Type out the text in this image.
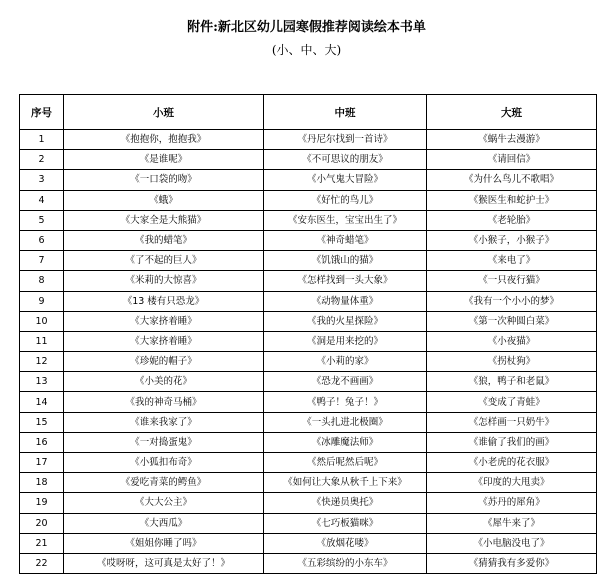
附件:新北区幼儿园寒假推荐阅读绘本书单
(小、中、大)
序号	小班	中班	大班
1	《抱抱你，抱抱我》	《丹尼尔找到一首诗》	《蜗牛去漫游》
2	《是谁呢》	《不可思议的朋友》	《请回信》
3	《一口袋的吻》	《小气鬼大冒险》	《为什么鸟儿不歌唱》
4	《蛾》	《好忙的鸟儿》	《猴医生和蛇护士》
5	《大家全是大熊猫》	《安东医生，宝宝出生了》	《老轮胎》
6	《我的蜡笔》	《神奇蜡笔》	《小猴子，小猴子》
7	《了不起的巨人》	《饥饿山的猫》	《来电了》
8	《米莉的大惊喜》	《怎样找到一头大象》	《一只夜行猫》
9	《13 楼有只恐龙》	《动物量体重》	《我有一个小小的梦》
10	《大家挤着睡》	《我的火星探险》	《第一次种圆白菜》
11	《大家挤着睡》	《洞是用来挖的》	《小夜猫》
12	《珍妮的帽子》	《小莉的家》	《拐杖狗》
13	《小美的花》	《恐龙不画画》	《狼，鸭子和老鼠》
14	《我的神奇马桶》	《鸭子！兔子！》	《变成了青蛙》
15	《谁来我家了》	《一头扎进北极圈》	《怎样画一只奶牛》
16	《一对捣蛋鬼》	《冰雕魔法师》	《谁偷了我们的画》
17	《小狐扣布奇》	《然后呢然后呢》	《小老虎的花衣服》
18	《爱吃青菜的鳄鱼》	《如何让大象从秋千上下来》	《印度的大甩卖》
19	《大大公主》	《快递员奥托》	《苏丹的犀角》
20	《大西瓜》	《七巧板猫咪》	《犀牛来了》
21	《姐姐你睡了吗》	《放烟花喽》	《小电脑没电了》
22	《哎呀呀，这可真是太好了！》	《五彩缤纷的小东车》	《猜猜我有多爱你》
